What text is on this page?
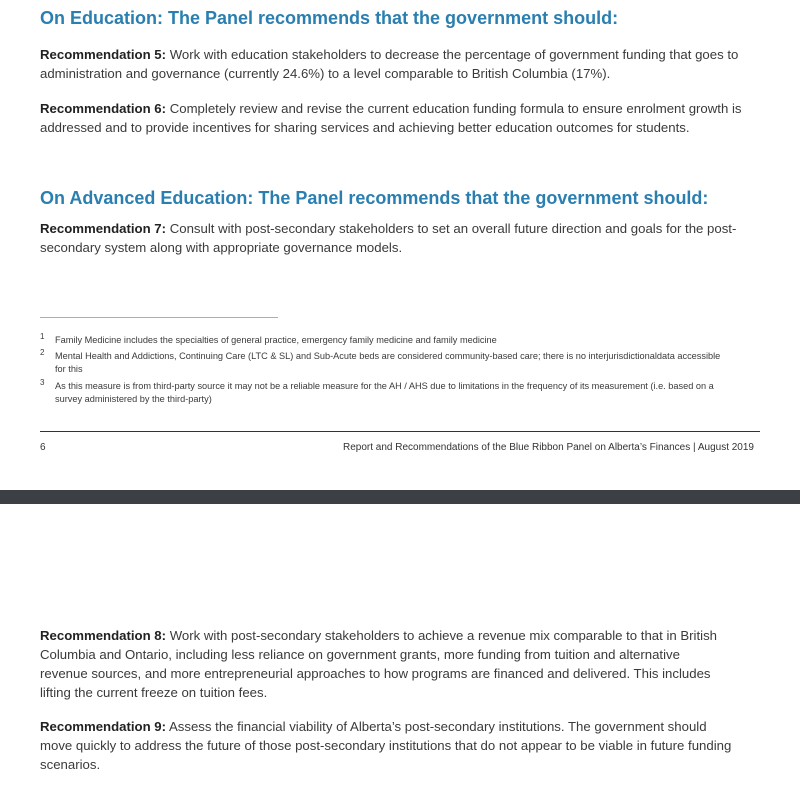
On Education: The Panel recommends that the government should:

Recommendation 5: Work with education stakeholders to decrease the percentage of government funding that goes to administration and governance (currently 24.6%) to a level comparable to British Columbia (17%).

Recommendation 6: Completely review and revise the current education funding formula to ensure enrolment growth is addressed and to provide incentives for sharing services and achieving better education outcomes for students.

On Advanced Education: The Panel recommends that the government should:

Recommendation 7: Consult with post-secondary stakeholders to set an overall future direction and goals for the post-secondary system along with appropriate governance models.

1 Family Medicine includes the specialties of general practice, emergency family medicine and family medicine
2 Mental Health and Addictions, Continuing Care (LTC & SL) and Sub-Acute beds are considered community-based care; there is no interjurisdictionaldata accessible for this
3 As this measure is from third-party source it may not be a reliable measure for the AH / AHS due to limitations in the frequency of its measurement (i.e. based on a survey administered by the third-party)
6	Report and Recommendations of the Blue Ribbon Panel on Alberta’s Finances | August 2019

Recommendation 8: Work with post-secondary stakeholders to achieve a revenue mix comparable to that in British Columbia and Ontario, including less reliance on government grants, more funding from tuition and alternative revenue sources, and more entrepreneurial approaches to how programs are financed and delivered. This includes lifting the current freeze on tuition fees.

Recommendation 9: Assess the financial viability of Alberta’s post-secondary institutions. The government should move quickly to address the future of those post-secondary institutions that do not appear to be viable in future funding scenarios.
